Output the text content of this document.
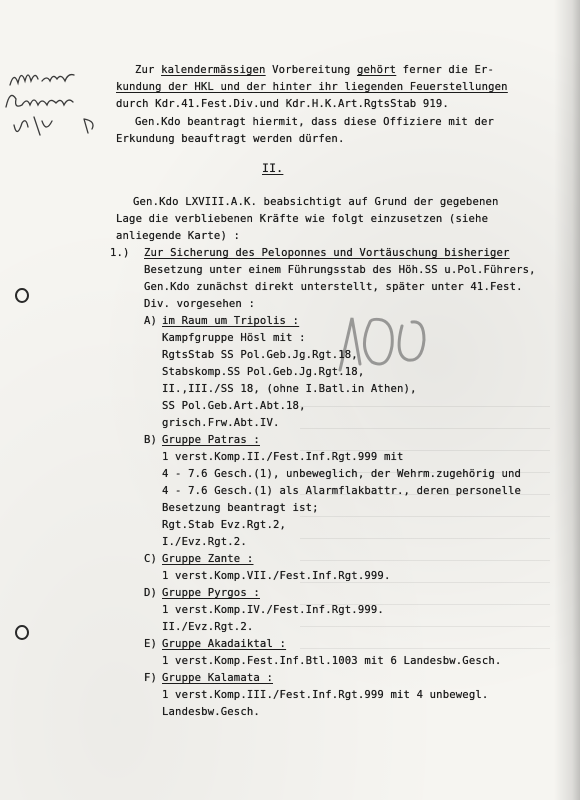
Zur kalendermässigen Vorbereitung gehört ferner die Er-
kundung der HKL und der hinter ihr liegenden Feuerstellungen
durch Kdr.41.Fest.Div.und Kdr.H.K.Art.RgtsStab 919.
Gen.Kdo beantragt hiermit, dass diese Offiziere mit der
Erkundung beauftragt werden dürfen.
II.
Gen.Kdo LXVIII.A.K. beabsichtigt auf Grund der gegebenen
Lage die verbliebenen Kräfte wie folgt einzusetzen (siehe
anliegende Karte) :
1.) Zur Sicherung des Peloponnes und Vortäuschung bisheriger
Besetzung unter einem Führungsstab des Höh.SS u.Pol.Führers,
Gen.Kdo zunächst direkt unterstellt, später unter 41.Fest.
Div. vorgesehen :
A) im Raum um Tripolis :
Kampfgruppe Hösl mit :
RgtsStab SS Pol.Geb.Jg.Rgt.18,
Stabskomp.SS Pol.Geb.Jg.Rgt.18,
II.,III./SS 18, (ohne I.Batl.in Athen),
SS Pol.Geb.Art.Abt.18,
grisch.Frw.Abt.IV.
B) Gruppe Patras :
1 verst.Komp.II./Fest.Inf.Rgt.999 mit
4 - 7.6 Gesch.(1), unbeweglich, der Wehrm.zugehörig und
4 - 7.6 Gesch.(1) als Alarmflakbattr., deren personelle
Besetzung beantragt ist;
Rgt.Stab Evz.Rgt.2,
I./Evz.Rgt.2.
C) Gruppe Zante :
1 verst.Komp.VII./Fest.Inf.Rgt.999.
D) Gruppe Pyrgos :
1 verst.Komp.IV./Fest.Inf.Rgt.999.
II./Evz.Rgt.2.
E) Gruppe Akadaiktal :
1 verst.Komp.Fest.Inf.Btl.1003 mit 6 Landesbw.Gesch.
F) Gruppe Kalamata :
1 verst.Komp.III./Fest.Inf.Rgt.999 mit 4 unbewegl.
Landesbw.Gesch.
